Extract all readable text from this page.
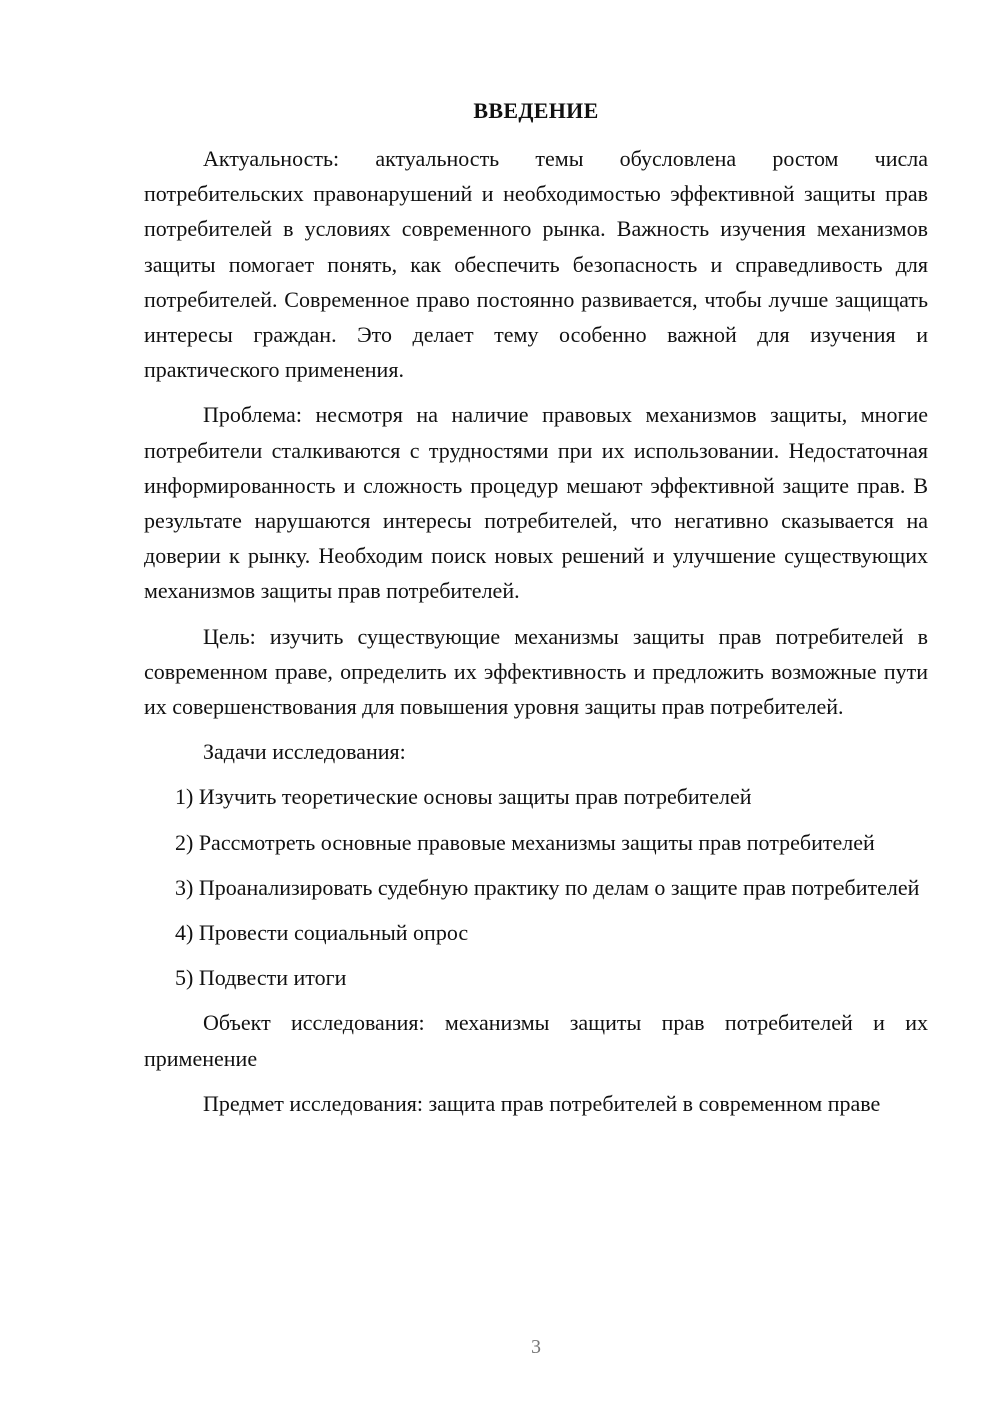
ВВЕДЕНИЕ

Актуальность: актуальность темы обусловлена ростом числа потребительских правонарушений и необходимостью эффективной защиты прав потребителей в условиях современного рынка. Важность изучения механизмов защиты помогает понять, как обеспечить безопасность и справедливость для потребителей. Современное право постоянно развивается, чтобы лучше защищать интересы граждан. Это делает тему особенно важной для изучения и практического применения.

Проблема: несмотря на наличие правовых механизмов защиты, многие потребители сталкиваются с трудностями при их использовании. Недостаточная информированность и сложность процедур мешают эффективной защите прав. В результате нарушаются интересы потребителей, что негативно сказывается на доверии к рынку. Необходим поиск новых решений и улучшение существующих механизмов защиты прав потребителей.

Цель: изучить существующие механизмы защиты прав потребителей в современном праве, определить их эффективность и предложить возможные пути их совершенствования для повышения уровня защиты прав потребителей.

Задачи исследования:

1) Изучить теоретические основы защиты прав потребителей

2) Рассмотреть основные правовые механизмы защиты прав потребителей

3) Проанализировать судебную практику по делам о защите прав потребителей

4) Провести социальный опрос

5) Подвести итоги

Объект исследования: механизмы защиты прав потребителей и их применение

Предмет исследования: защита прав потребителей в современном праве

3
